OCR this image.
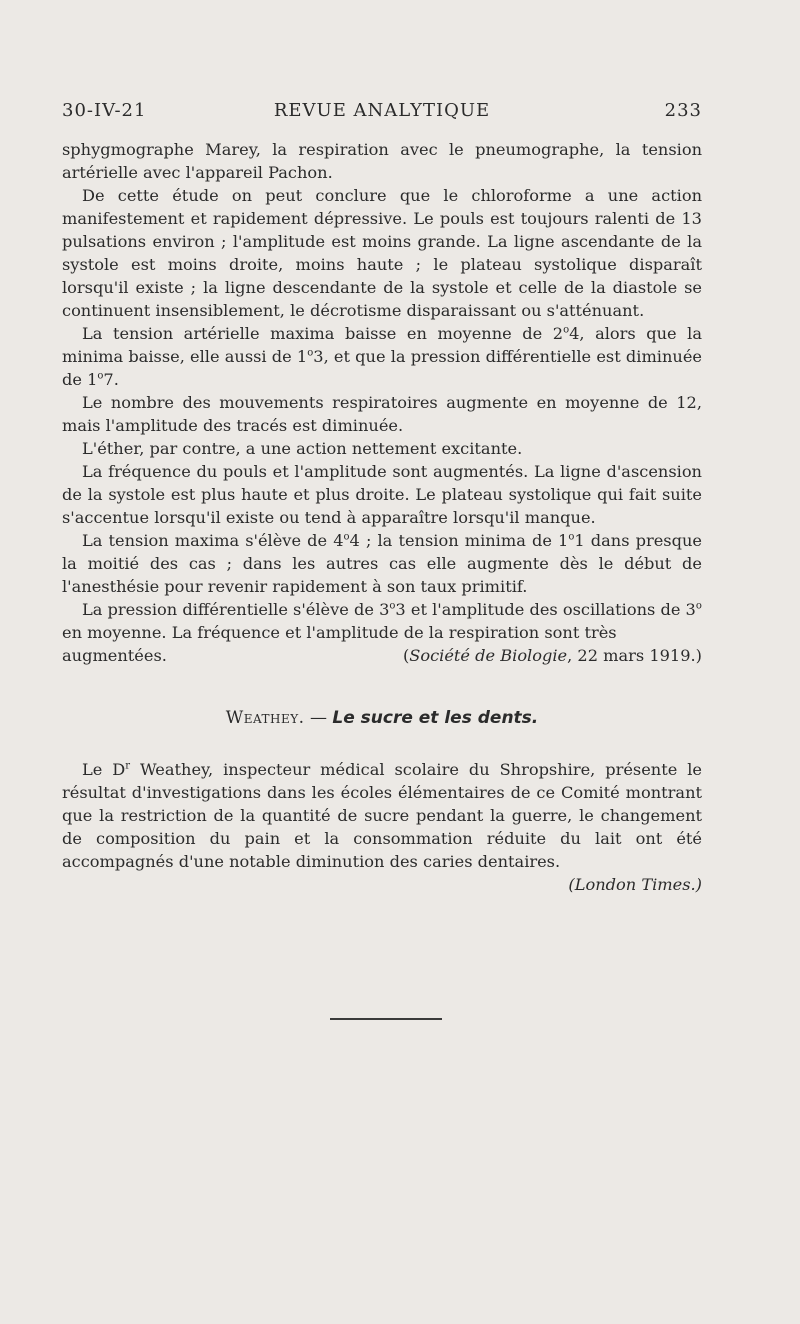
30-IV-21	REVUE ANALYTIQUE	233

sphygmographe Marey, la respiration avec le pneumographe, la tension artérielle avec l'appareil Pachon.

De cette étude on peut conclure que le chloroforme a une action manifestement et rapidement dépressive. Le pouls est toujours ralenti de 13 pulsations environ ; l'amplitude est moins grande. La ligne ascendante de la systole est moins droite, moins haute ; le plateau systolique disparaît lorsqu'il existe ; la ligne descendante de la systole et celle de la diastole se continuent insensiblement, le décrotisme disparaissant ou s'atténuant.

La tension artérielle maxima baisse en moyenne de 2$^o$4, alors que la minima baisse, elle aussi de 1$^o$3, et que la pression différentielle est diminuée de 1$^o$7.

Le nombre des mouvements respiratoires augmente en moyenne de 12, mais l'amplitude des tracés est diminuée.

L'éther, par contre, a une action nettement excitante.

La fréquence du pouls et l'amplitude sont augmentés. La ligne d'ascension de la systole est plus haute et plus droite. Le plateau systolique qui fait suite s'accentue lorsqu'il existe ou tend à apparaître lorsqu'il manque.

La tension maxima s'élève de 4$^o$4 ; la tension minima de 1$^o$1 dans presque la moitié des cas ; dans les autres cas elle augmente dès le début de l'anesthésie pour revenir rapidement à son taux primitif.

La pression différentielle s'élève de 3$^o$3 et l'amplitude des oscillations de 3$^o$ en moyenne. La fréquence et l'amplitude de la respiration sont très augmentées.	(Société de Biologie, 22 mars 1919.)

Weathey. — Le sucre et les dents.

Le $D^r$ Weathey, inspecteur médical scolaire du Shropshire, présente le résultat d'investigations dans les écoles élémentaires de ce Comité montrant que la restriction de la quantité de sucre pendant la guerre, le changement de composition du pain et la consommation réduite du lait ont été accompagnés d'une notable diminution des caries dentaires.
(London Times.)
